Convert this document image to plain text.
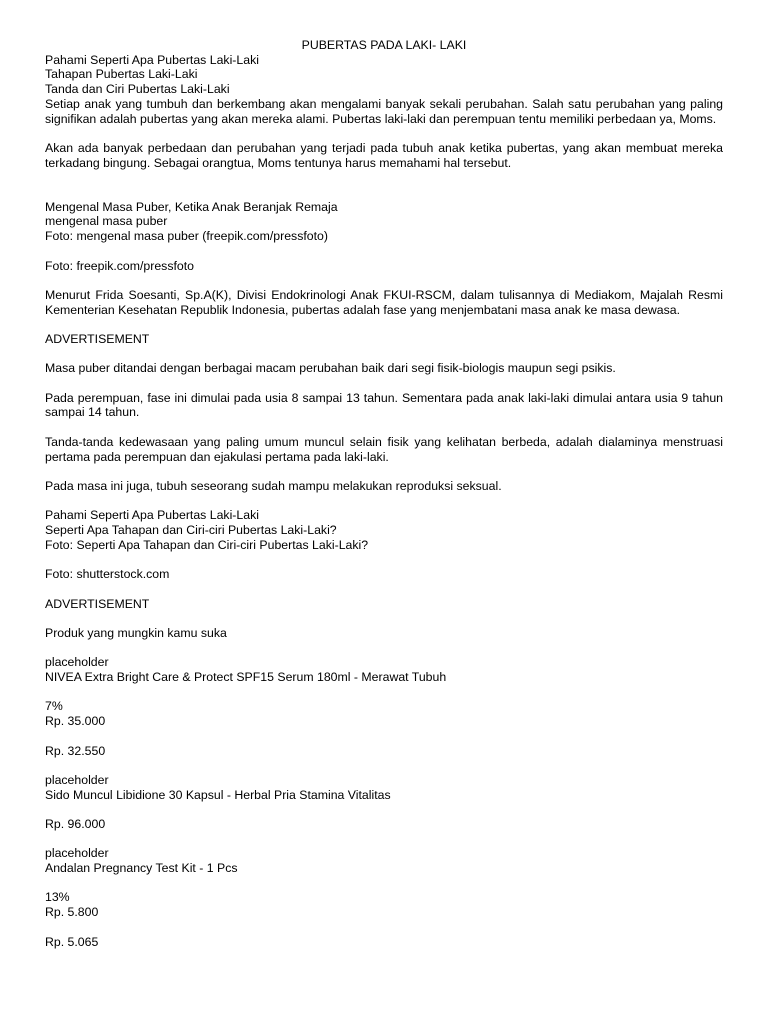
PUBERTAS PADA LAKI- LAKI

Pahami Seperti Apa Pubertas Laki-Laki

Tahapan Pubertas Laki-Laki

Tanda dan Ciri Pubertas Laki-Laki

Setiap anak yang tumbuh dan berkembang akan mengalami banyak sekali perubahan. Salah satu perubahan yang paling signifikan adalah pubertas yang akan mereka alami. Pubertas laki-laki dan perempuan tentu memiliki perbedaan ya, Moms.

Akan ada banyak perbedaan dan perubahan yang terjadi pada tubuh anak ketika pubertas, yang akan membuat mereka terkadang bingung. Sebagai orangtua, Moms tentunya harus memahami hal tersebut.

Mengenal Masa Puber, Ketika Anak Beranjak Remaja

mengenal masa puber

Foto: mengenal masa puber (freepik.com/pressfoto)

Foto: freepik.com/pressfoto

Menurut Frida Soesanti, Sp.A(K), Divisi Endokrinologi Anak FKUI-RSCM, dalam tulisannya di Mediakom, Majalah Resmi Kementerian Kesehatan Republik Indonesia, pubertas adalah fase yang menjembatani masa anak ke masa dewasa.

ADVERTISEMENT

Masa puber ditandai dengan berbagai macam perubahan baik dari segi fisik-biologis maupun segi psikis.

Pada perempuan, fase ini dimulai pada usia 8 sampai 13 tahun. Sementara pada anak laki-laki dimulai antara usia 9 tahun sampai 14 tahun.

Tanda-tanda kedewasaan yang paling umum muncul selain fisik yang kelihatan berbeda, adalah dialaminya menstruasi pertama pada perempuan dan ejakulasi pertama pada laki-laki.

Pada masa ini juga, tubuh seseorang sudah mampu melakukan reproduksi seksual.

Pahami Seperti Apa Pubertas Laki-Laki

Seperti Apa Tahapan dan Ciri-ciri Pubertas Laki-Laki?

Foto: Seperti Apa Tahapan dan Ciri-ciri Pubertas Laki-Laki?

Foto: shutterstock.com

ADVERTISEMENT

Produk yang mungkin kamu suka

placeholder

NIVEA Extra Bright Care & Protect SPF15 Serum 180ml - Merawat Tubuh

7%

Rp. 35.000

Rp. 32.550

placeholder

Sido Muncul Libidione 30 Kapsul - Herbal Pria Stamina Vitalitas

Rp. 96.000

placeholder

Andalan Pregnancy Test Kit - 1 Pcs

13%

Rp. 5.800

Rp. 5.065
